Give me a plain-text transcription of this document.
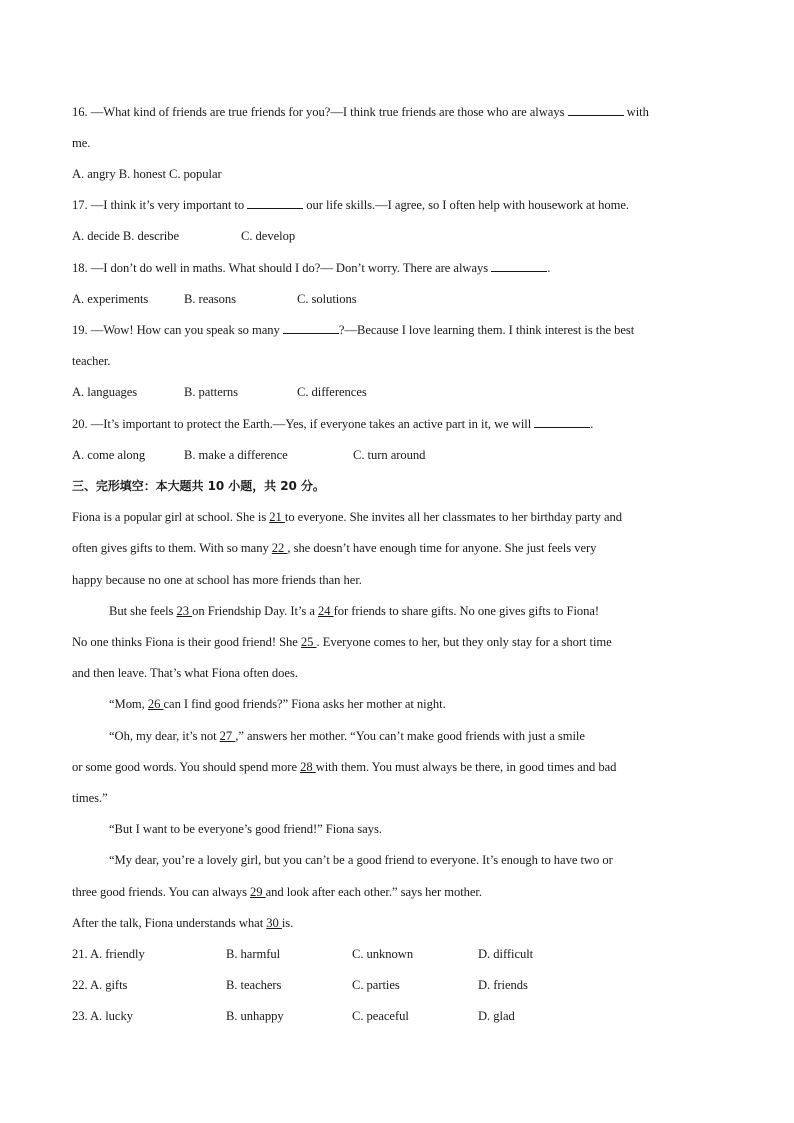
16. —What kind of friends are true friends for you?—I think true friends are those who are always	with
me.
A. angry B. honest C. popular
17. —I think it’s very important to	our life skills.—I agree, so I often help with housework at home.
A. decide B. describe	C. develop
18. —I don’t do well in maths. What should I do?— Don’t worry. There are always	.
A. experiments	B. reasons	C. solutions
19. —Wow! How can you speak so many	?—Because I love learning them. I think interest is the best
teacher.
A. languages	B. patterns	C. differences
20. —It’s important to protect the Earth.—Yes, if everyone takes an active part in it, we will	.
A. come along	B. make a difference	C. turn around
三、完形填空：本大题共 10 小题，共 20 分。
Fiona is a popular girl at school. She is 21 to everyone. She invites all her classmates to her birthday party and
often gives gifts to them. With so many 22 , she doesn’t have enough time for anyone. She just feels very
happy because no one at school has more friends than her.
But she feels 23 on Friendship Day. It’s a 24 for friends to share gifts. No one gives gifts to Fiona!
No one thinks Fiona is their good friend! She 25 . Everyone comes to her, but they only stay for a short time
and then leave. That’s what Fiona often does.
“Mom, 26 can I find good friends?” Fiona asks her mother at night.
“Oh, my dear, it’s not 27 ,” answers her mother. “You can’t make good friends with just a smile
or some good words. You should spend more 28 with them. You must always be there, in good times and bad
times.”
“But I want to be everyone’s good friend!” Fiona says.
“My dear, you’re a lovely girl, but you can’t be a good friend to everyone. It’s enough to have two or
three good friends. You can always 29 and look after each other.” says her mother.
After the talk, Fiona understands what 30 is.
21. A. friendly	B. harmful	C. unknown	D. difficult
22. A. gifts	B. teachers	C. parties	D. friends
23. A. lucky	B. unhappy	C. peaceful	D. glad
